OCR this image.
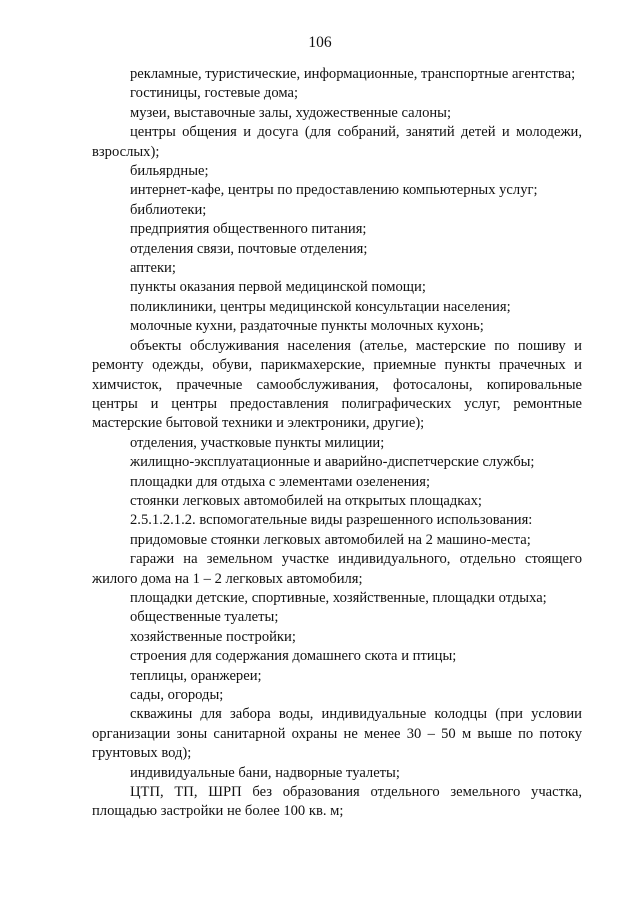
106

рекламные, туристические, информационные, транспортные агентства;

гостиницы, гостевые дома;

музеи, выставочные залы, художественные салоны;

центры общения и досуга (для собраний, занятий детей и молодежи, взрослых);

бильярдные;

интернет-кафе, центры по предоставлению компьютерных услуг;

библиотеки;

предприятия общественного питания;

отделения связи, почтовые отделения;

аптеки;

пункты оказания первой медицинской помощи;

поликлиники, центры медицинской консультации населения;

молочные кухни, раздаточные пункты молочных кухонь;

объекты обслуживания населения (ателье, мастерские по пошиву и ремонту одежды, обуви, парикмахерские, приемные пункты прачечных и химчисток, прачечные самообслуживания, фотосалоны, копировальные центры и центры предоставления полиграфических услуг, ремонтные мастерские бытовой техники и электроники, другие);

отделения, участковые пункты милиции;

жилищно-эксплуатационные и аварийно-диспетчерские службы;

площадки для отдыха с элементами озеленения;

стоянки легковых автомобилей на открытых площадках;

2.5.1.2.1.2. вспомогательные виды разрешенного использования:

придомовые стоянки легковых автомобилей на 2 машино-места;

гаражи на земельном участке индивидуального, отдельно стоящего жилого дома на 1 – 2 легковых автомобиля;

площадки детские, спортивные, хозяйственные, площадки отдыха;

общественные туалеты;

хозяйственные постройки;

строения для содержания домашнего скота и птицы;

теплицы, оранжереи;

сады, огороды;

скважины для забора воды, индивидуальные колодцы (при условии организации зоны санитарной охраны не менее 30 – 50 м выше по потоку грунтовых вод);

индивидуальные бани, надворные туалеты;

ЦТП, ТП, ШРП без образования отдельного земельного участка, площадью застройки не более 100 кв. м;
